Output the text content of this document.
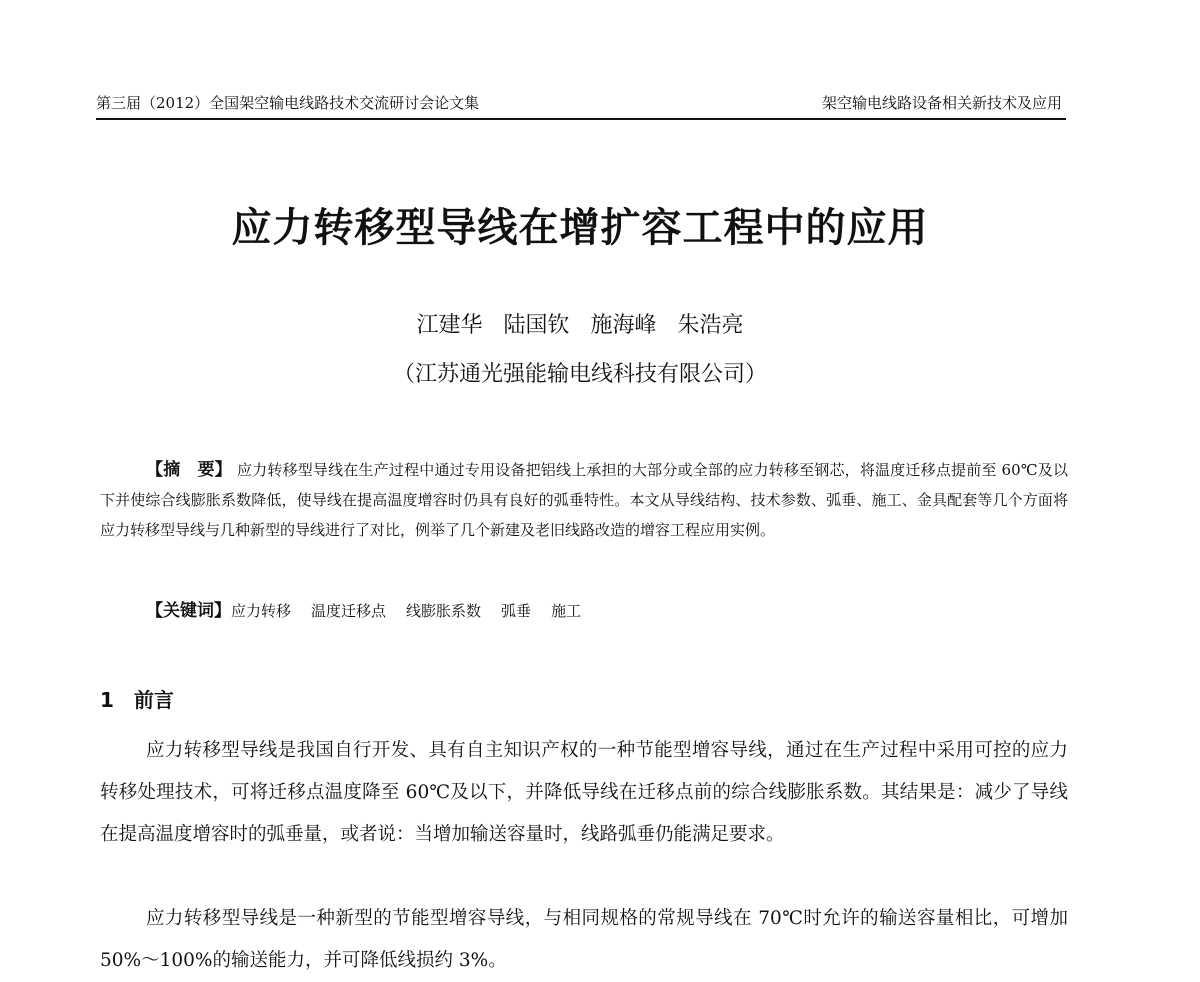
第三届（2012）全国架空输电线路技术交流研讨会论文集	架空输电线路设备相关新技术及应用
应力转移型导线在增扩容工程中的应用
江建华 陆国钦 施海峰 朱浩亮
（江苏通光强能输电线科技有限公司）

【摘　要】 应力转移型导线在生产过程中通过专用设备把铝线上承担的大部分或全部的应力转移至钢芯，将温度迁移点提前至 60℃及以下并使综合线膨胀系数降低，使导线在提高温度增容时仍具有良好的弧垂特性。本文从导线结构、技术参数、弧垂、施工、金具配套等几个方面将应力转移型导线与几种新型的导线进行了对比，例举了几个新建及老旧线路改造的增容工程应用实例。

【关键词】应力转移 温度迁移点 线膨胀系数 弧垂 施工
1 前言

应力转移型导线是我国自行开发、具有自主知识产权的一种节能型增容导线，通过在生产过程中采用可控的应力转移处理技术，可将迁移点温度降至 60℃及以下，并降低导线在迁移点前的综合线膨胀系数。其结果是：减少了导线在提高温度增容时的弧垂量，或者说：当增加输送容量时，线路弧垂仍能满足要求。

应力转移型导线是一种新型的节能型增容导线，与相同规格的常规导线在 70℃时允许的输送容量相比，可增加 50%～100%的输送能力，并可降低线损约 3%。
